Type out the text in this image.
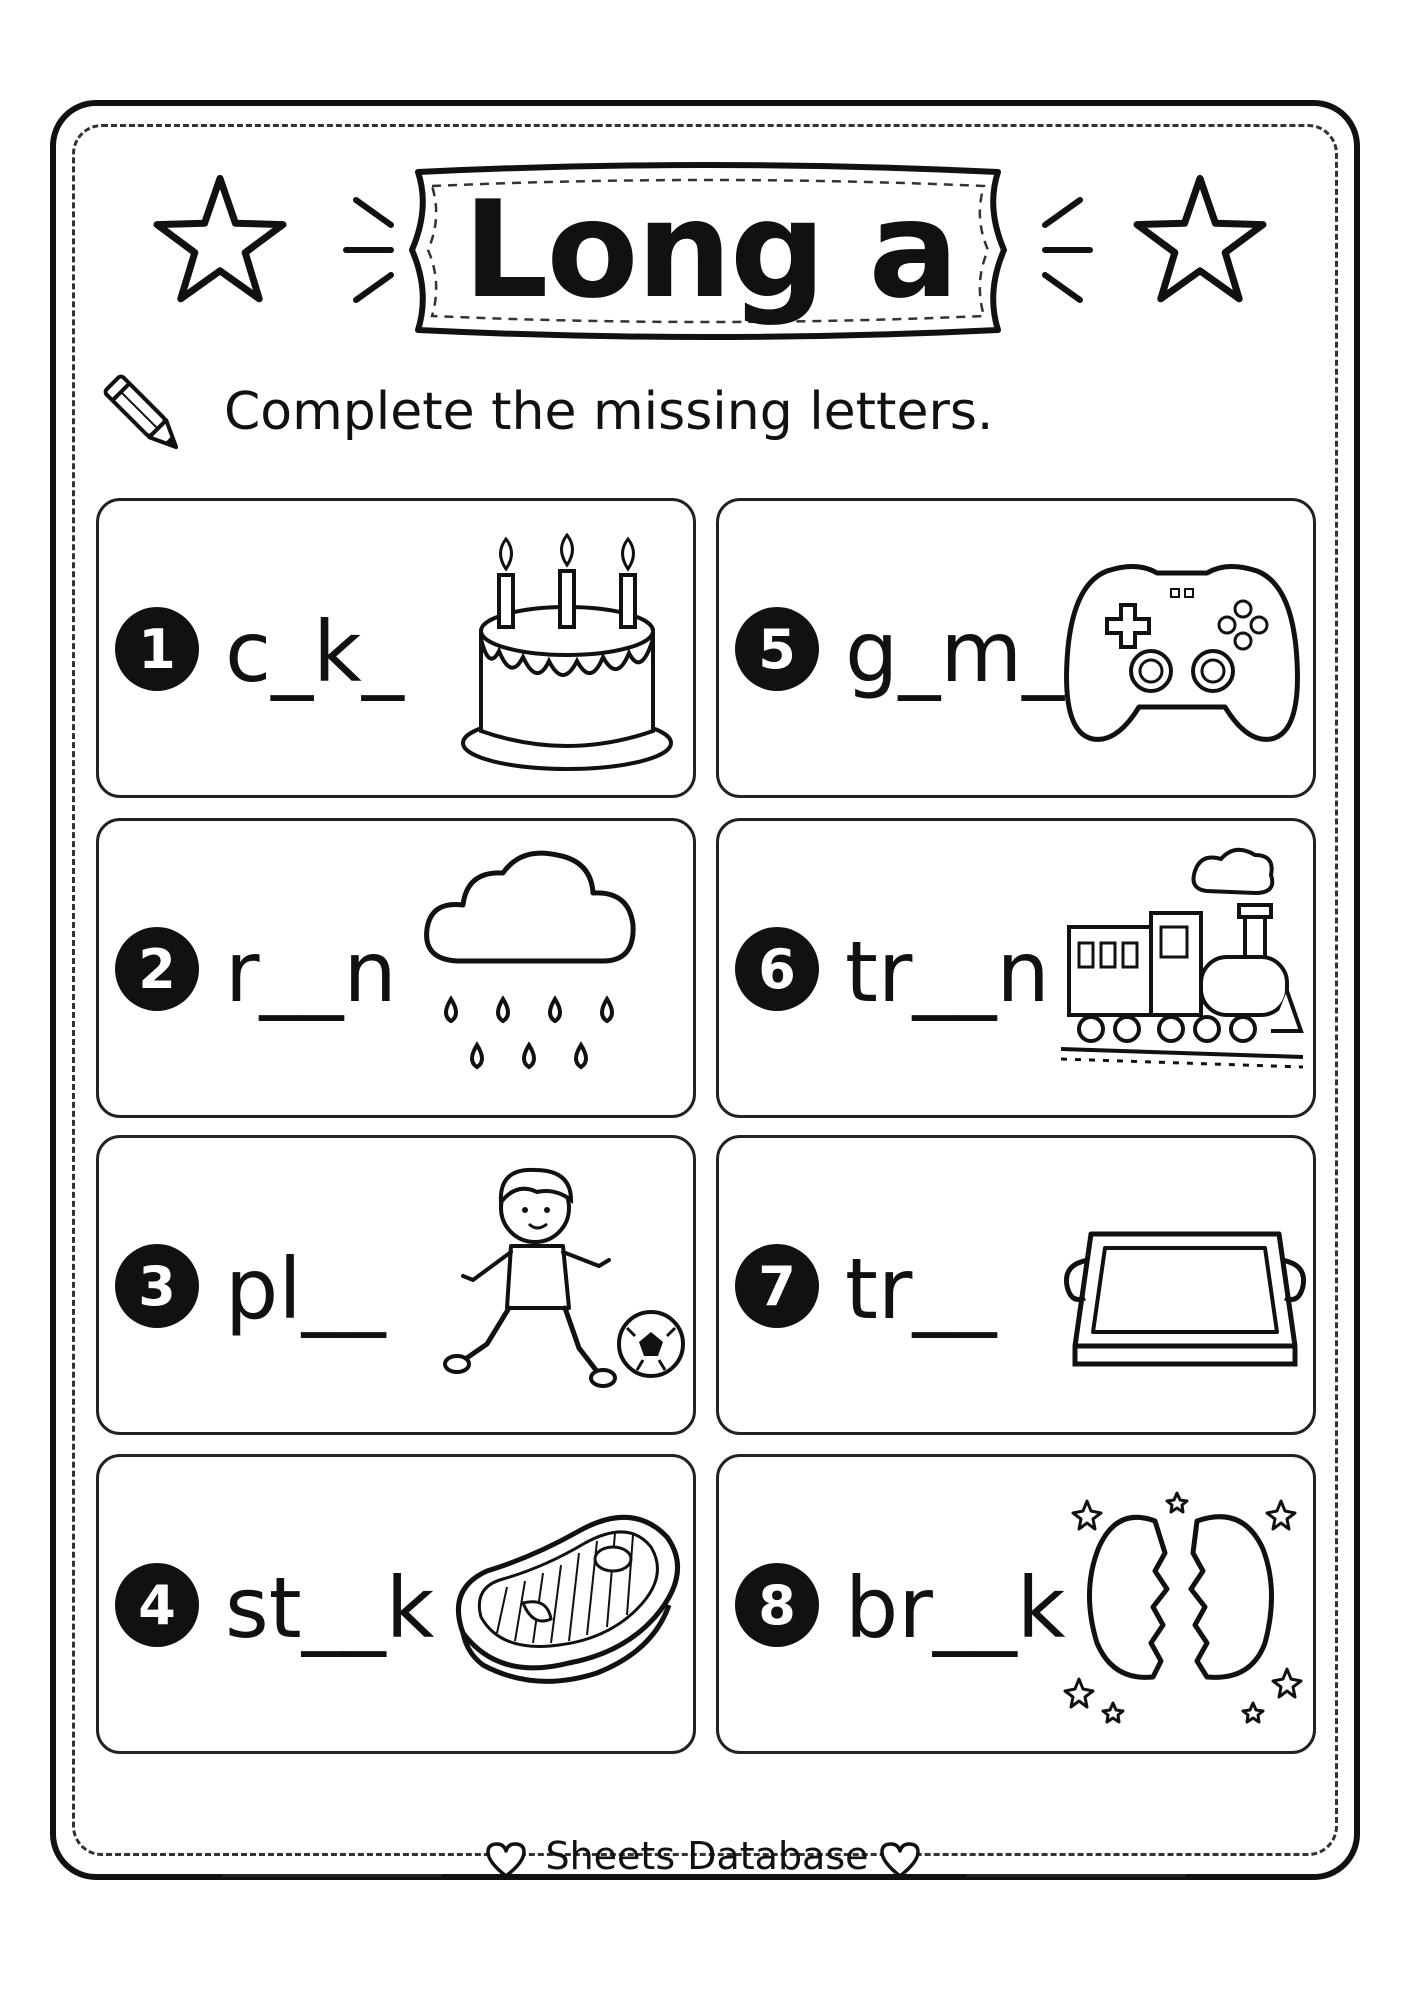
Long a
Complete the missing letters.
1 c_k_
2 r__n
3 pl__
4 st__k
5 g_m_
6 tr__n
7 tr__
8 br__k
Sheets Database
